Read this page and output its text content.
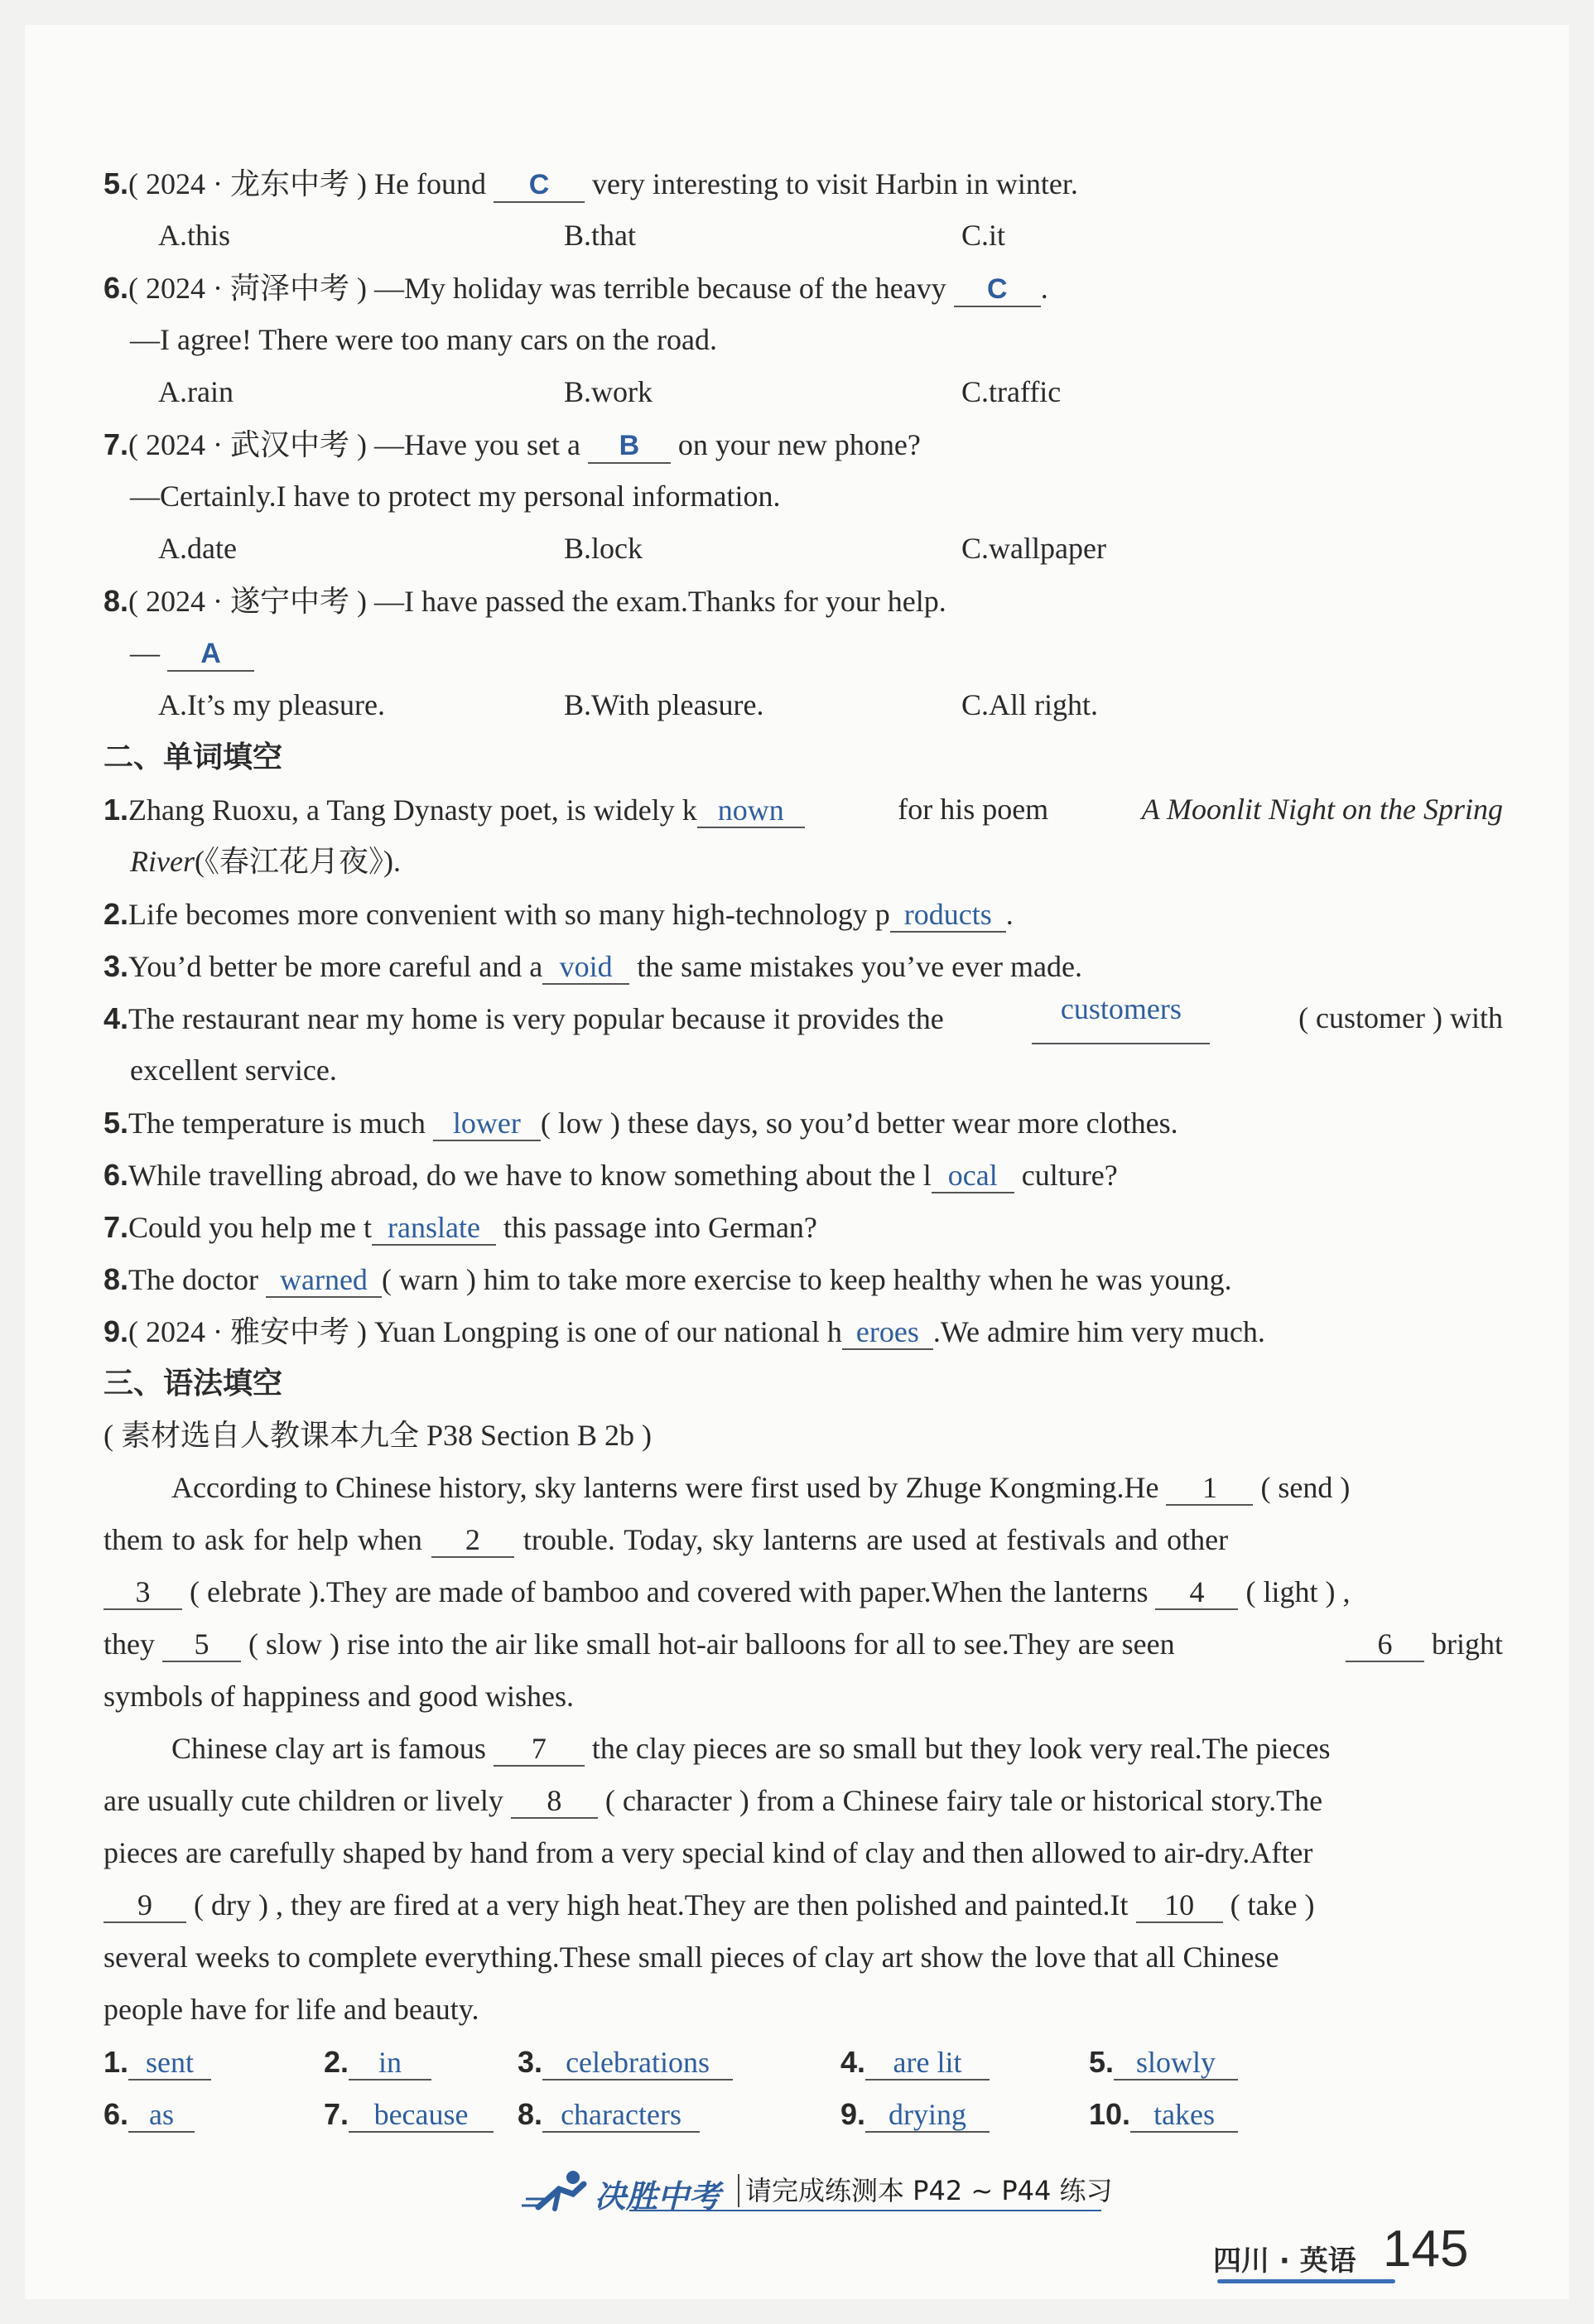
5.( 2024 · 龙东中考 ) He found C very interesting to visit Harbin in winter.
A.this	B.that	C.it
6.( 2024 · 菏泽中考 ) —My holiday was terrible because of the heavy C .
—I agree! There were too many cars on the road.
A.rain	B.work	C.traffic
7.( 2024 · 武汉中考 ) —Have you set a B on your new phone?
—Certainly.I have to protect my personal information.
A.date	B.lock	C.wallpaper
8.( 2024 · 遂宁中考 ) —I have passed the exam.Thanks for your help.
— A
A.It’s my pleasure.	B.With pleasure.	C.All right.
二、单词填空
1.Zhang Ruoxu, a Tang Dynasty poet, is widely k nown	for his poem	A Moonlit Night on the Spring
River(《春江花月夜》).
2.Life becomes more convenient with so many high-technology p roducts .
3.You’d better be more careful and a void the same mistakes you’ve ever made.
4.The restaurant near my home is very popular because it provides the	customers	( customer ) with
excellent service.
5.The temperature is much lower ( low ) these days, so you’d better wear more clothes.
6.While travelling abroad, do we have to know something about the l ocal culture?
7.Could you help me t ranslate this passage into German?
8.The doctor warned ( warn ) him to take more exercise to keep healthy when he was young.
9.( 2024 · 雅安中考 ) Yuan Longping is one of our national h eroes .We admire him very much.
三、语法填空
( 素材选自人教课本九全 P38 Section B 2b )
According to Chinese history, sky lanterns were first used by Zhuge Kongming.He 1 ( send )
them to ask for help when 2 trouble. Today, sky lanterns are used at festivals and other
3 ( elebrate ).They are made of bamboo and covered with paper.When the lanterns 4 ( light ) ,
they 5 ( slow ) rise into the air like small hot-air balloons for all to see.They are seen	6 bright
symbols of happiness and good wishes.
Chinese clay art is famous 7 the clay pieces are so small but they look very real.The pieces
are usually cute children or lively 8 ( character ) from a Chinese fairy tale or historical story.The
pieces are carefully shaped by hand from a very special kind of clay and then allowed to air-dry.After
9 ( dry ) , they are fired at a very high heat.They are then polished and painted.It 10 ( take )
several weeks to complete everything.These small pieces of clay art show the love that all Chinese
people have for life and beauty.
1. sent	2. in	3. celebrations	4. are lit	5. slowly
6. as	7. because	8. characters	9. drying	10. takes
决胜中考 请完成练测本 P42 ~ P44 练习
四川 · 英语 145
